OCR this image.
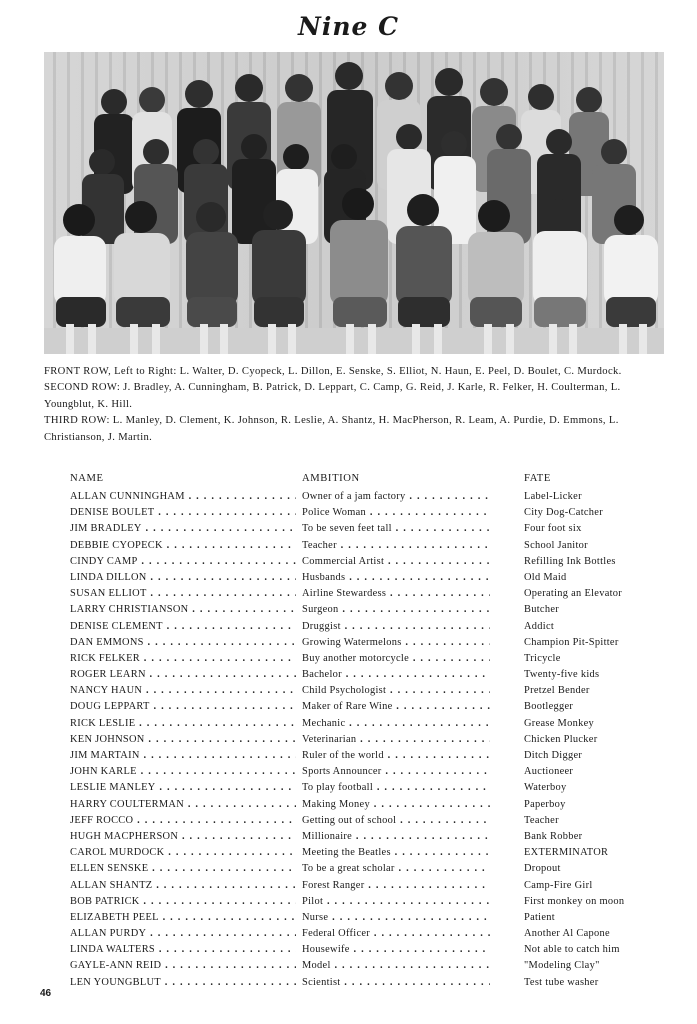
Nine C

FRONT ROW, Left to Right: L. Walter, D. Cyopeck, L. Dillon, E. Senske, S. Elliot, N. Haun, E. Peel, D. Boulet, C. Murdock.

SECOND ROW: J. Bradley, A. Cunningham, B. Patrick, D. Leppart, C. Camp, G. Reid, J. Karle, R. Felker, H. Coulterman, L. Youngblut, K. Hill.

THIRD ROW: L. Manley, D. Clement, K. Johnson, R. Leslie, A. Shantz, H. MacPherson, R. Leam, A. Purdie, D. Emmons, L. Christianson, J. Martin.

NAME	AMBITION	FATE
ALLAN CUNNINGHAM . . .	Owner of a jam factory . . .	Label-Licker
DENISE BOULET . . .	Police Woman . . .	City Dog-Catcher
JIM BRADLEY . . .	To be seven feet tall . . .	Four foot six
DEBBIE CYOPECK . . .	Teacher . . .	School Janitor
CINDY CAMP . . .	Commercial Artist . . .	Refilling Ink Bottles
LINDA DILLON . . .	Husbands . . .	Old Maid
SUSAN ELLIOT . . .	Airline Stewardess . . .	Operating an Elevator
LARRY CHRISTIANSON . . .	Surgeon . . .	Butcher
DENISE CLEMENT . . .	Druggist . . .	Addict
DAN EMMONS . . .	Growing Watermelons . . .	Champion Pit-Spitter
RICK FELKER . . .	Buy another motorcycle . . .	Tricycle
ROGER LEARN . . .	Bachelor . . .	Twenty-five kids
NANCY HAUN . . .	Child Psychologist . . .	Pretzel Bender
DOUG LEPPART . . .	Maker of Rare Wine . . .	Bootlegger
RICK LESLIE . . .	Mechanic . . .	Grease Monkey
KEN JOHNSON . . .	Veterinarian . . .	Chicken Plucker
JIM MARTAIN . . .	Ruler of the world . . .	Ditch Digger
JOHN KARLE . . .	Sports Announcer . . .	Auctioneer
LESLIE MANLEY . . .	To play football . . .	Waterboy
HARRY COULTERMAN . . .	Making Money . . .	Paperboy
JEFF ROCCO . . .	Getting out of school . . .	Teacher
HUGH MACPHERSON . . .	Millionaire . . .	Bank Robber
CAROL MURDOCK . . .	Meeting the Beatles . . .	EXTERMINATOR
ELLEN SENSKE . . .	To be a great scholar . . .	Dropout
ALLAN SHANTZ . . .	Forest Ranger . . .	Camp-Fire Girl
BOB PATRICK . . .	Pilot . . .	First monkey on moon
ELIZABETH PEEL . . .	Nurse . . .	Patient
ALLAN PURDY . . .	Federal Officer . . .	Another Al Capone
LINDA WALTERS . . .	Housewife . . .	Not able to catch him
GAYLE-ANN REID . . .	Model . . .	"Modeling Clay"
LEN YOUNGBLUT . . .	Scientist . . .	Test tube washer
46
